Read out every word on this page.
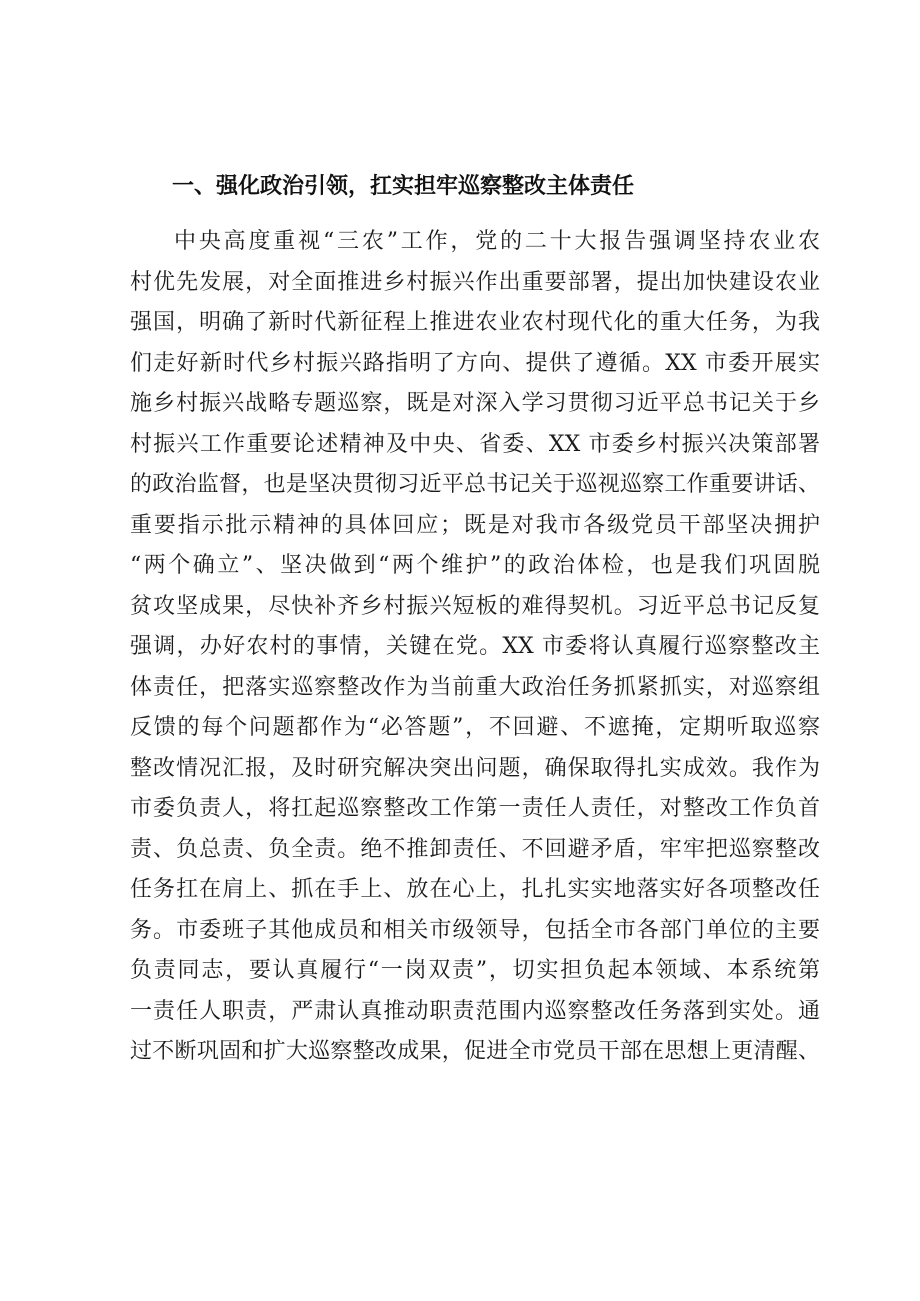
一、强化政治引领，扛实担牢巡察整改主体责任
中央高度重视“三农”工作，党的二十大报告强调坚持农业农
村优先发展，对全面推进乡村振兴作出重要部署，提出加快建设农业
强国，明确了新时代新征程上推进农业农村现代化的重大任务，为我
们走好新时代乡村振兴路指明了方向、提供了遵循。XX 市委开展实
施乡村振兴战略专题巡察，既是对深入学习贯彻习近平总书记关于乡
村振兴工作重要论述精神及中央、省委、XX 市委乡村振兴决策部署
的政治监督，也是坚决贯彻习近平总书记关于巡视巡察工作重要讲话、
重要指示批示精神的具体回应；既是对我市各级党员干部坚决拥护
“两个确立”、坚决做到“两个维护”的政治体检，也是我们巩固脱
贫攻坚成果，尽快补齐乡村振兴短板的难得契机。习近平总书记反复
强调，办好农村的事情，关键在党。XX 市委将认真履行巡察整改主
体责任，把落实巡察整改作为当前重大政治任务抓紧抓实，对巡察组
反馈的每个问题都作为“必答题”，不回避、不遮掩，定期听取巡察
整改情况汇报，及时研究解决突出问题，确保取得扎实成效。我作为
市委负责人，将扛起巡察整改工作第一责任人责任，对整改工作负首
责、负总责、负全责。绝不推卸责任、不回避矛盾，牢牢把巡察整改
任务扛在肩上、抓在手上、放在心上，扎扎实实地落实好各项整改任
务。市委班子其他成员和相关市级领导，包括全市各部门单位的主要
负责同志，要认真履行“一岗双责”，切实担负起本领域、本系统第
一责任人职责，严肃认真推动职责范围内巡察整改任务落到实处。通
过不断巩固和扩大巡察整改成果，促进全市党员干部在思想上更清醒、
